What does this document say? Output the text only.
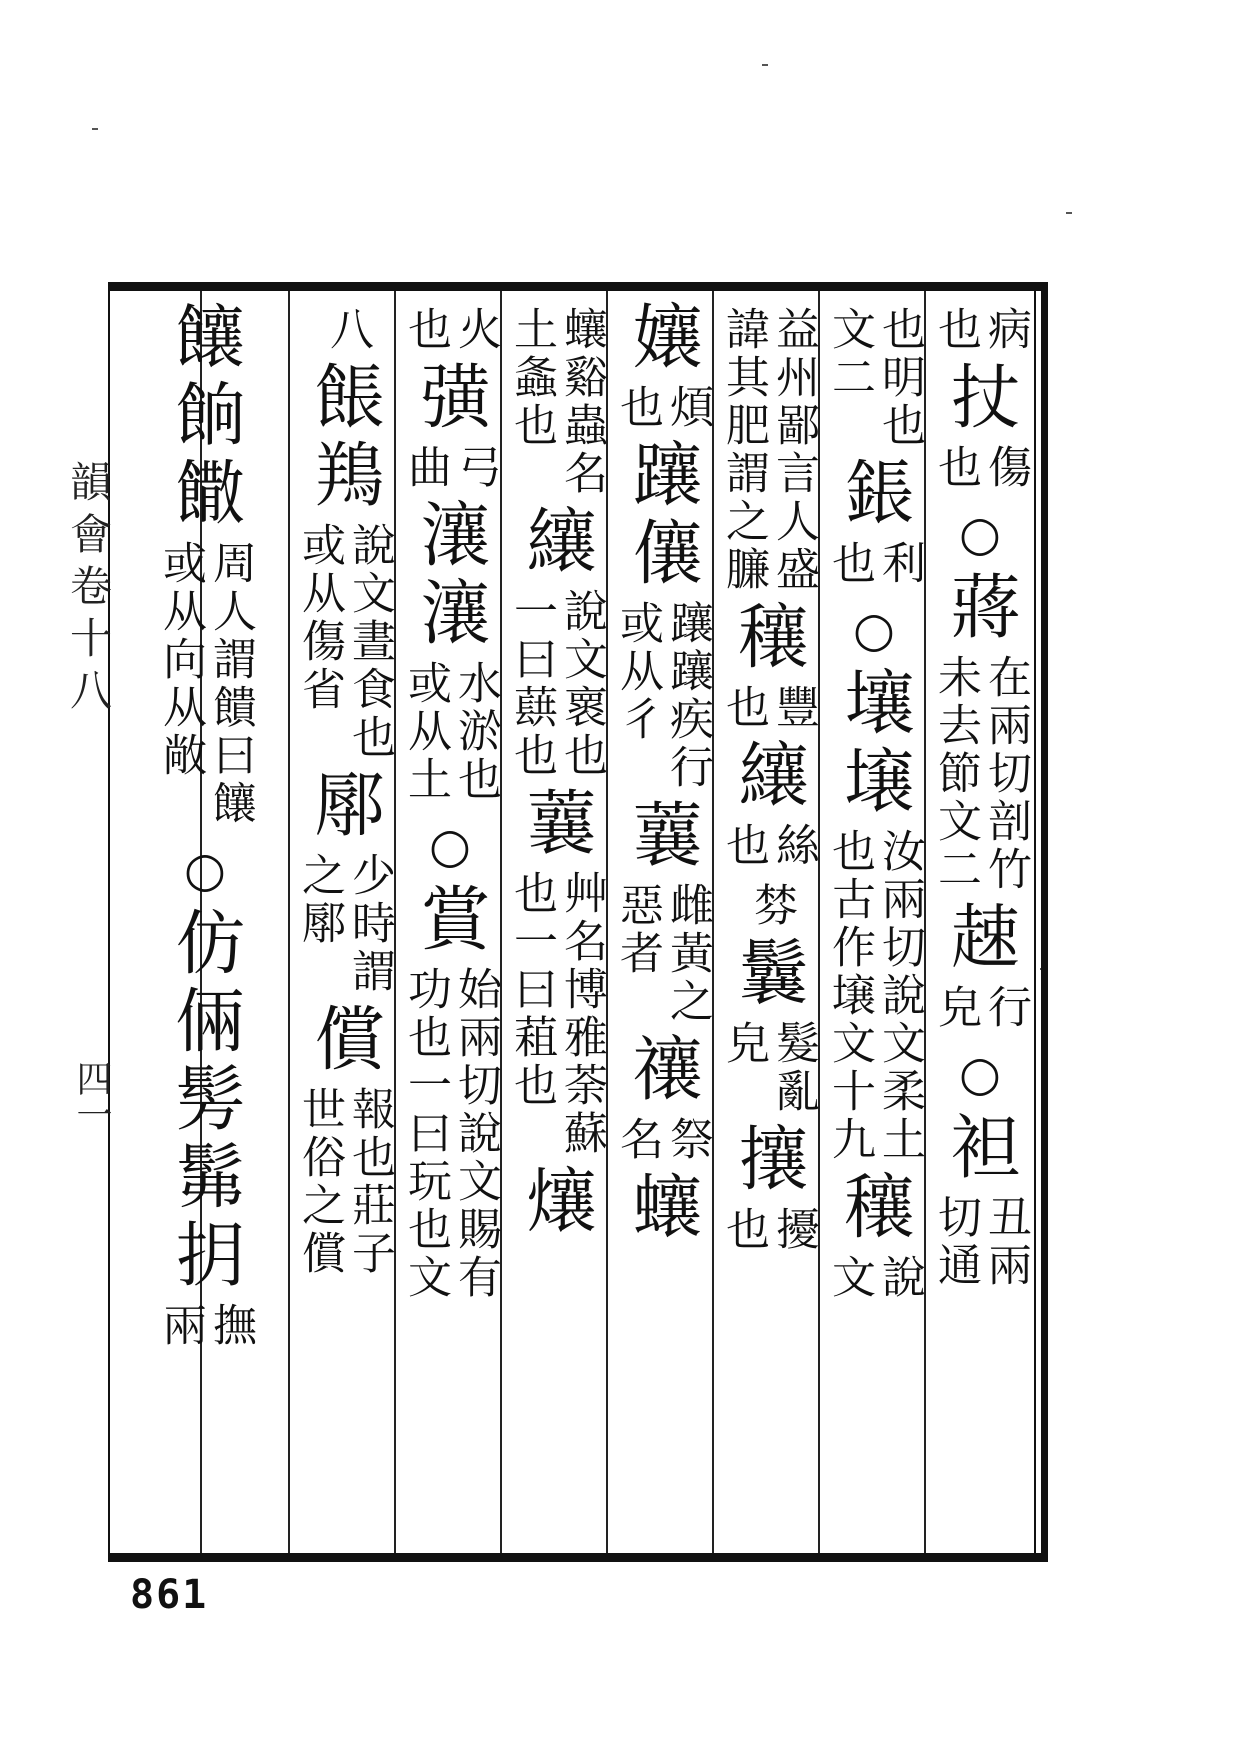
韻會卷十八
四一
病
也
扙
傷
也
○
蔣
在兩切剖竹
未去節文二
趚
行
皃
○
袒
丑兩
切通
也明也
文二
鋹
利
也
○
壤
壌
汝兩切說文柔土
也古作壌文十九
穰
說
文
益州鄙言人盛
諱其肥謂之臁
穰
豐
也
纕
絲
也
棼
鬤
髮亂
皃
攘
擾
也
孃
煩
也
躟
儴
躟躟疾行
或从彳
蘘
雌黃之
惡者
禳
祭
名
蠰
蠰谿蟲名
土螽也
纕
說文褱也
一曰蕻也
蘘
艸名博雅荼蘇
也一曰蒩也
爙
火
也
彉
弓
曲
瀼
瀼
水淤也
或从土
○
賞
始兩切說文賜有
功也一曰玩也文
八
餦
鴹
說文晝食也
或从傷省
鄏
少時謂
之鄏
償
報也莊子
世俗之償
饟
餉
饊
周人謂饋曰饟
或从向从敞
○
仿
倆
髣
髴
抈
撫
兩
861
